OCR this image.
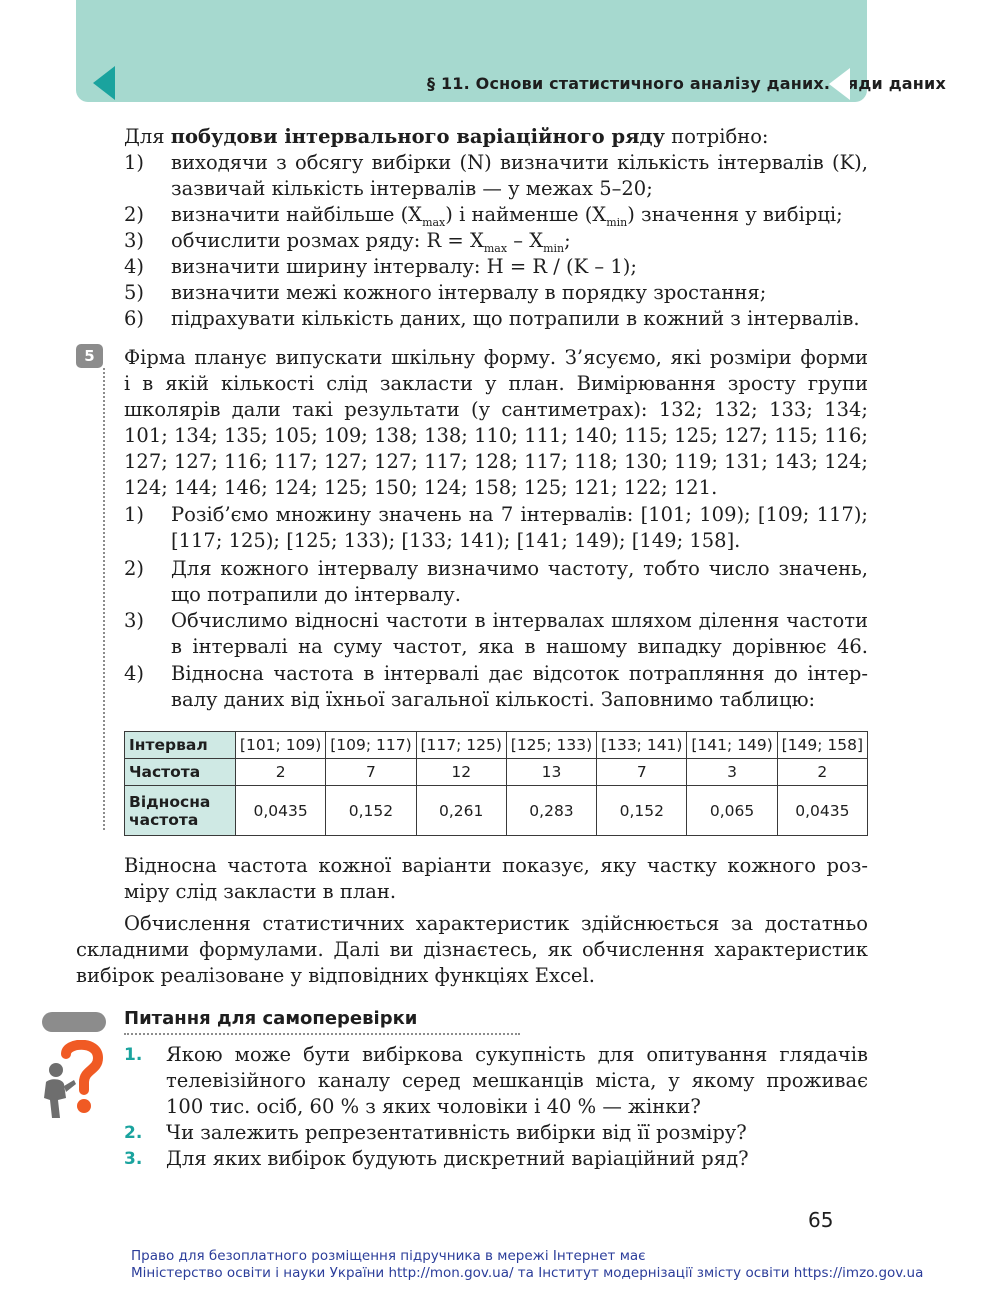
§ 11. Основи статистичного аналізу даних. Ряди даних
Для побудови інтервального варіаційного ряду потрібно:
1) виходячи з обсягу вибірки (N) визначити кількість інтервалів (K),
зазвичай кількість інтервалів — у межах 5–20;
2) визначити найбільше $(X_{max})$ і найменше $(X_{min})$ значення у вибірці;
3) обчислити розмах ряду: $R = X_{max} - X_{min}$;
4) визначити ширину інтервалу: H = R / (K – 1);
5) визначити межі кожного інтервалу в порядку зростання;
6) підрахувати кількість даних, що потрапили в кожний з інтервалів.
5	Фірма планує випускати шкільну форму. З’ясуємо, які розміри форми
і в якій кількості слід закласти у план. Вимірювання зросту групи
школярів дали такі результати (у сантиметрах): 132; 132; 133; 134;
101; 134; 135; 105; 109; 138; 138; 110; 111; 140; 115; 125; 127; 115; 116;
127; 127; 116; 117; 127; 127; 117; 128; 117; 118; 130; 119; 131; 143; 124;
124; 144; 146; 124; 125; 150; 124; 158; 125; 121; 122; 121.
1) Розіб’ємо множину значень на 7 інтервалів: [101; 109); [109; 117);
[117; 125); [125; 133); [133; 141); [141; 149); [149; 158].
2) Для кожного інтервалу визначимо частоту, тобто число значень,
що потрапили до інтервалу.
3) Обчислимо відносні частоти в інтервалах шляхом ділення частоти
в інтервалі на суму частот, яка в нашому випадку дорівнює 46.
4) Відносна частота в інтервалі дає відсоток потрапляння до інтер-
валу даних від їхньої загальної кількості. Заповнимо таблицю:
Інтервал	[101; 109)	[109; 117)	[117; 125)	[125; 133)	[133; 141)	[141; 149)	[149; 158]
Частота	2	7	12	13	7	3	2

Відносна
частота	0,0435	0,152	0,261	0,283	0,152	0,065	0,0435
Відносна частота кожної варіанти показує, яку частку кожного роз-
міру слід закласти в план.
Обчислення статистичних характеристик здійснюється за достатньо
складними формулами. Далі ви дізнаєтесь, як обчислення характеристик
вибірок реалізоване у відповідних функціях Excel.
Питання для самоперевірки
1. Якою може бути вибіркова сукупність для опитування глядачів
телевізійного каналу серед мешканців міста, у якому проживає
100 тис. осіб, 60 % з яких чоловіки і 40 % — жінки?
2. Чи залежить репрезентативність вибірки від її розміру?
3. Для яких вибірок будують дискретний варіаційний ряд?
65
Право для безоплатного розміщення підручника в мережі Інтернет має
Міністерство освіти і науки України http://mon.gov.ua/ та Інститут модернізації змісту освіти https://imzo.gov.ua
